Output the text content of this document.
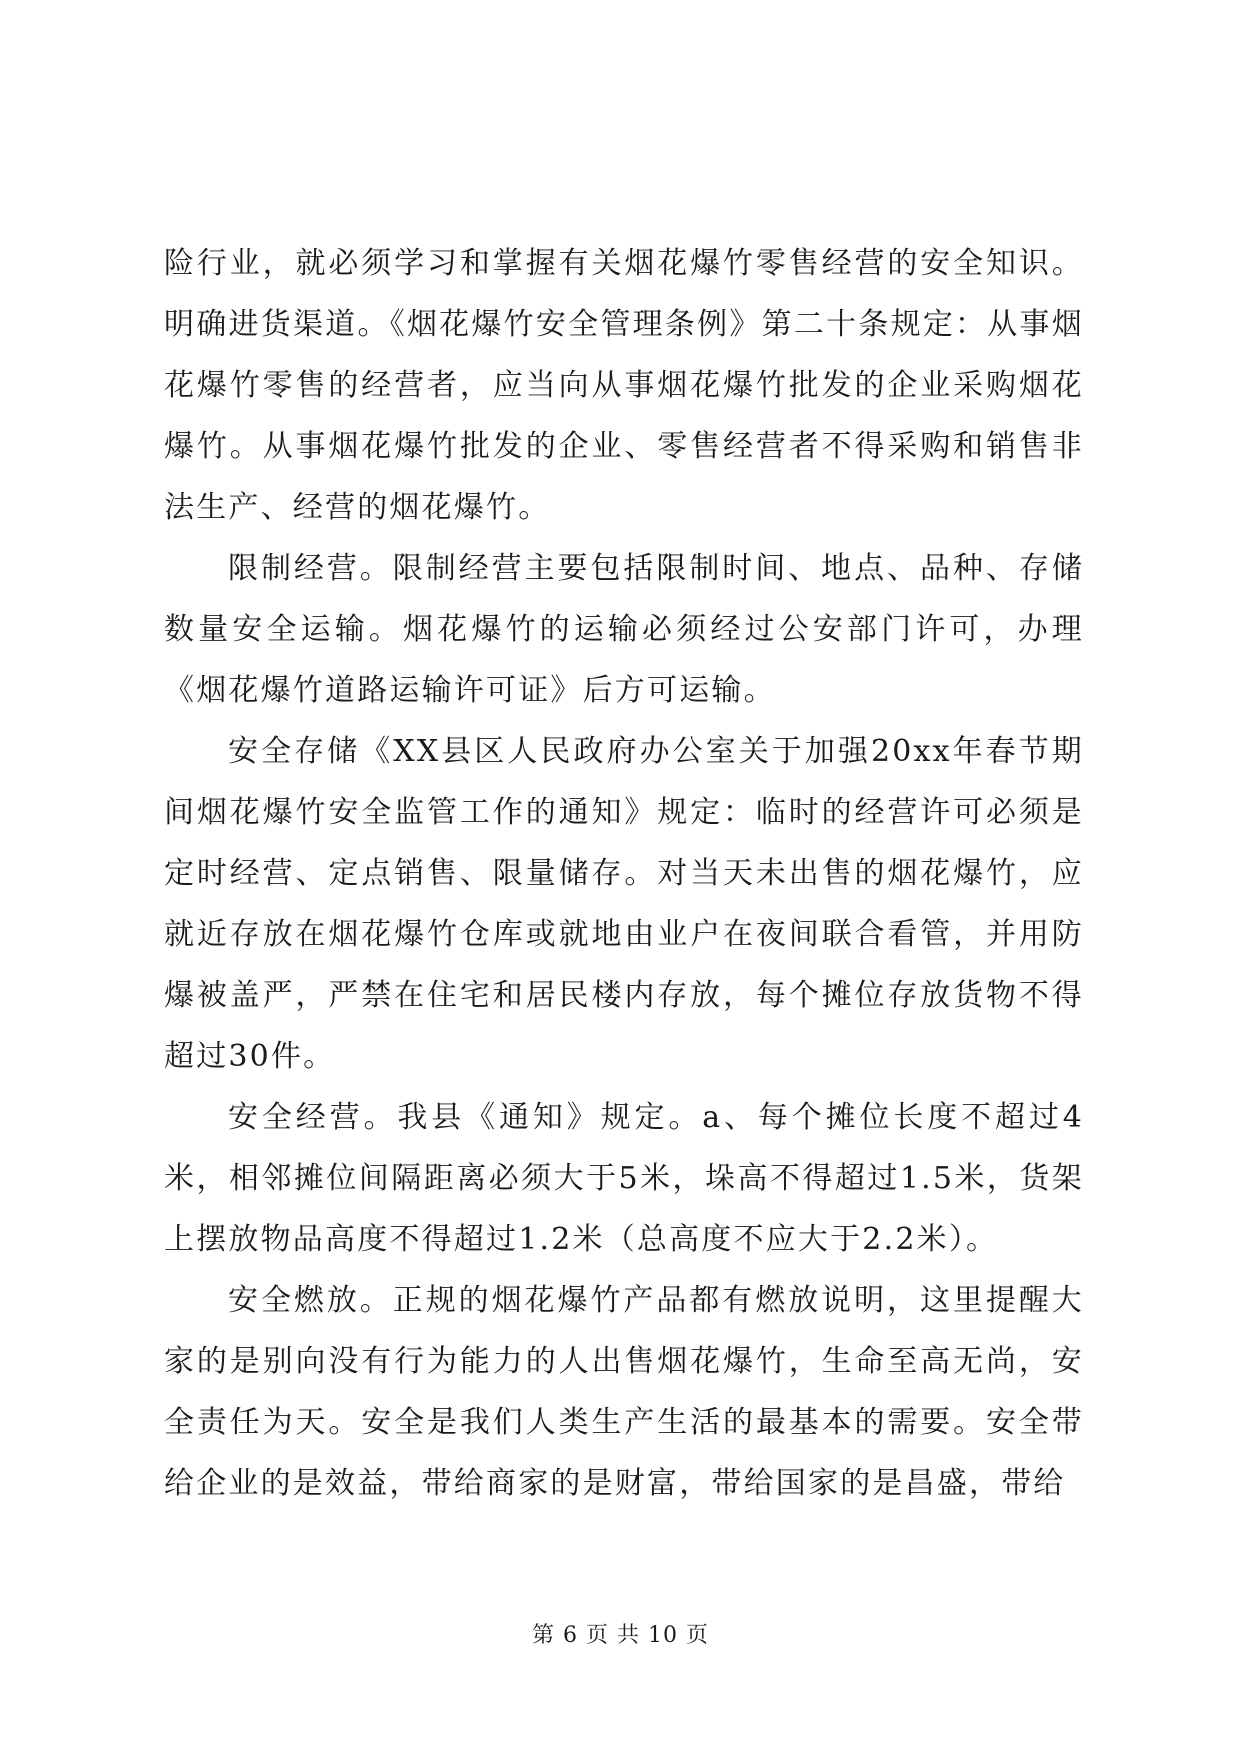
险行业，就必须学习和掌握有关烟花爆竹零售经营的安全知识。明确进货渠道。《烟花爆竹安全管理条例》第二十条规定：从事烟花爆竹零售的经营者，应当向从事烟花爆竹批发的企业采购烟花爆竹。从事烟花爆竹批发的企业、零售经营者不得采购和销售非法生产、经营的烟花爆竹。

限制经营。限制经营主要包括限制时间、地点、品种、存储数量安全运输。烟花爆竹的运输必须经过公安部门许可，办理《烟花爆竹道路运输许可证》后方可运输。

安全存储《XX县区人民政府办公室关于加强20xx年春节期间烟花爆竹安全监管工作的通知》规定：临时的经营许可必须是定时经营、定点销售、限量储存。对当天未出售的烟花爆竹，应就近存放在烟花爆竹仓库或就地由业户在夜间联合看管，并用防爆被盖严，严禁在住宅和居民楼内存放，每个摊位存放货物不得超过30件。

安全经营。我县《通知》规定。a、每个摊位长度不超过4米，相邻摊位间隔距离必须大于5米，垛高不得超过1.5米，货架上摆放物品高度不得超过1.2米（总高度不应大于2.2米）。

安全燃放。正规的烟花爆竹产品都有燃放说明，这里提醒大家的是别向没有行为能力的人出售烟花爆竹，生命至高无尚，安全责任为天。安全是我们人类生产生活的最基本的需要。安全带给企业的是效益，带给商家的是财富，带给国家的是昌盛，带给

第 6 页 共 10 页
